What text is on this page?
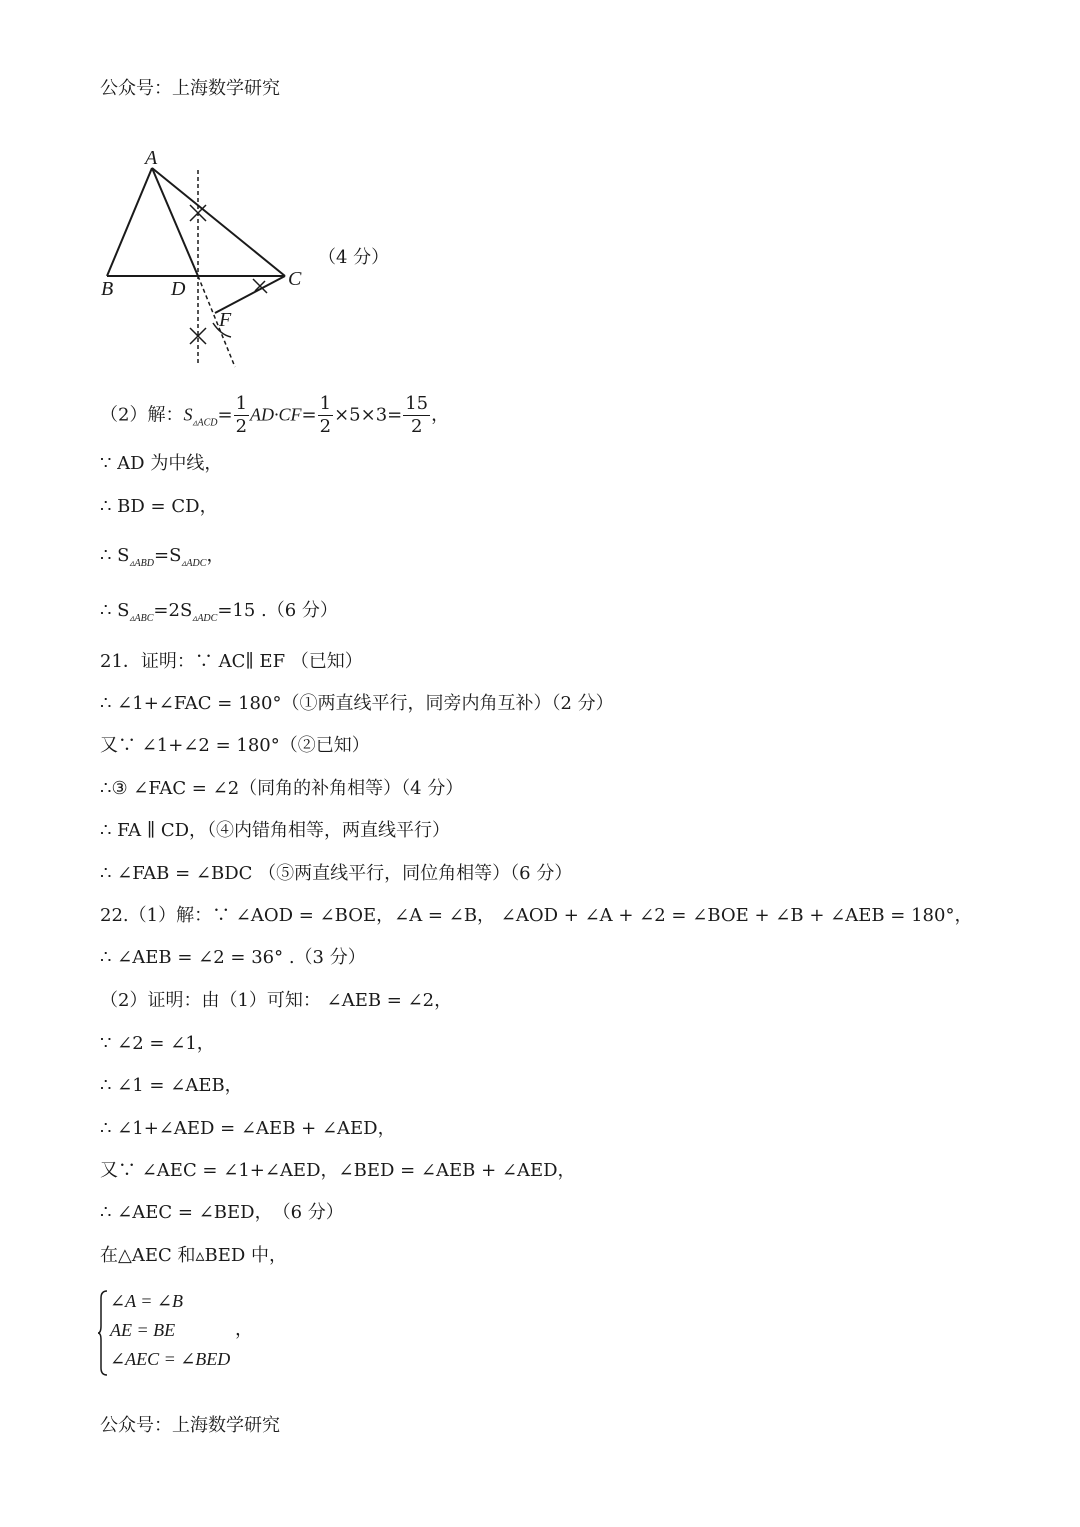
公众号：上海数学研究
A
B	D	C
F
（4 分）
（2）解：$S_{▵ACD}= \frac{1}{2} AD\cdot CF= \frac{1}{2} \times 5\times 3= \frac{15}{2}$ ，
∵ AD 为中线，
∴ BD = CD，
∴ $S_{▵ABD}=S_{▵ADC}$，
∴ $S_{▵ABC}=2S_{▵ADC}=15$ .（6 分）
21．证明：∵ AC∥ EF （已知）
∴ ∠1+∠FAC = 180°（①两直线平行，同旁内角互补）（2 分）
又∵ ∠1+∠2 = 180°（②已知）
∴③ ∠FAC = ∠2（同角的补角相等）（4 分）
∴ FA ∥ CD，（④内错角相等，两直线平行）
∴ ∠FAB = ∠BDC （⑤两直线平行，同位角相等）（6 分）
22.（1）解：∵ ∠AOD = ∠BOE，∠A = ∠B， ∠AOD + ∠A + ∠2 = ∠BOE + ∠B + ∠AEB = 180°，
∴ ∠AEB = ∠2 = 36° .（3 分）
（2）证明：由（1）可知： ∠AEB = ∠2，
∵ ∠2 = ∠1，
∴ ∠1 = ∠AEB，
∴ ∠1+∠AED = ∠AEB + ∠AED，
又∵ ∠AEC = ∠1+∠AED，∠BED = ∠AEB + ∠AED，
∴ ∠AEC = ∠BED，　（6 分）
在△AEC 和▵BED 中，
∠A = ∠B
AE = BE
∠AEC = ∠BED
，
公众号：上海数学研究
